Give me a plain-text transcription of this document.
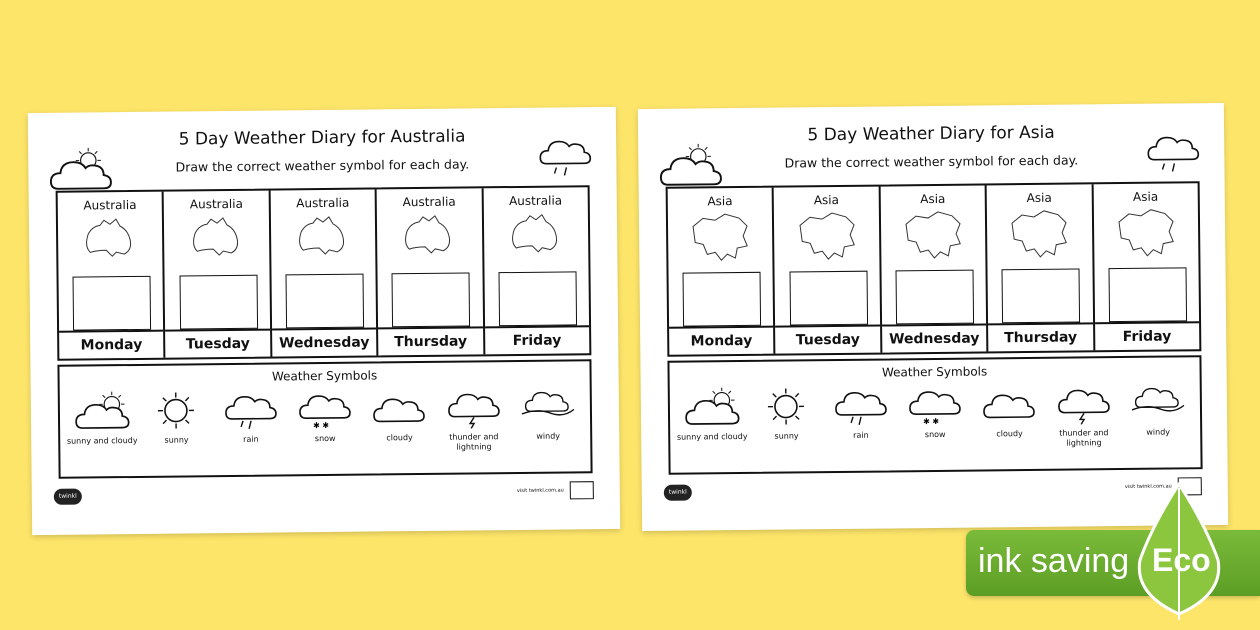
5 Day Weather Diary for Australia
Draw the correct weather symbol for each day.
Australia
Monday
Australia
Tuesday
Australia
Wednesday
Australia
Thursday
Australia
Friday
Weather Symbols
sunny and cloudy	sunny	rain
✱ ✱
snow	cloudy	thunder and lightning
windy
twinkl
visit twinkl.com.au
5 Day Weather Diary for Asia
Draw the correct weather symbol for each day.
Asia
Monday
Asia
Tuesday
Asia
Wednesday
Asia
Thursday
Asia
Friday
Weather Symbols
sunny and cloudy	sunny	rain
✱ ✱
snow	cloudy	thunder and lightning
windy
twinkl
visit twinkl.com.au
ink saving Eco
